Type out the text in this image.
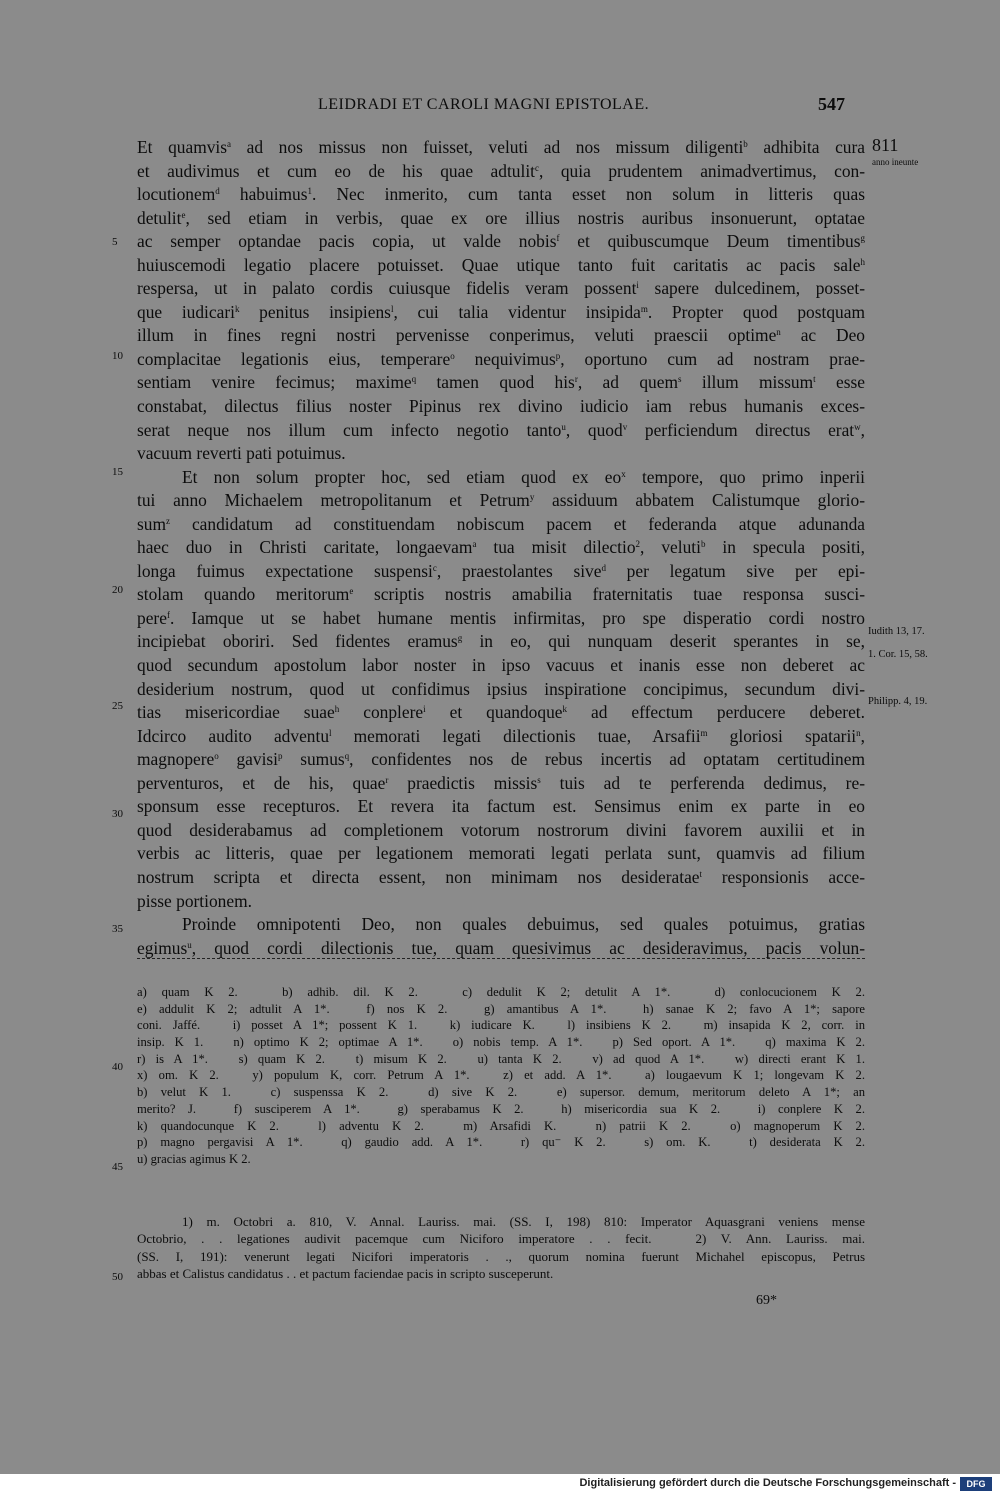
LEIDRADI ET CAROLI MAGNI EPISTOLAE.	547
811
anno ineunte
Iudith 13, 17.
1. Cor. 15, 58.
Philipp. 4, 19.
5
10
15
20
25
30
35
Et quamvis$^a$ ad nos missus non fuisset, veluti ad nos missum diligenti$^b$ adhibita cura
et audivimus et cum eo de his quae adtulit$^c$, quia prudentem animadvertimus, con-
locutionem$^d$ habuimus$^1$. Nec inmerito, cum tanta esset non solum in litteris quas
detulit$^e$, sed etiam in verbis, quae ex ore illius nostris auribus insonuerunt, optatae
ac semper optandae pacis copia, ut valde nobis$^f$ et quibuscumque Deum timentibus$^g$
huiuscemodi legatio placere potuisset. Quae utique tanto fuit caritatis ac pacis sale$^h$
respersa, ut in palato cordis cuiusque fidelis veram possent$^i$ sapere dulcedinem, posset-
que iudicari$^k$ penitus insipiens$^l$, cui talia videntur insipida$^m$. Propter quod postquam
illum in fines regni nostri pervenisse conperimus, veluti praescii optime$^n$ ac Deo
complacitae legationis eius, temperare$^o$ nequivimus$^p$, oportuno cum ad nostram prae-
sentiam venire fecimus; maxime$^q$ tamen quod his$^r$, ad quem$^s$ illum missum$^t$ esse
constabat, dilectus filius noster Pipinus rex divino iudicio iam rebus humanis exces-
serat neque nos illum cum infecto negotio tanto$^u$, quod$^v$ perficiendum directus erat$^w$,
vacuum reverti pati potuimus.
Et non solum propter hoc, sed etiam quod ex $eo^x$ tempore, quo primo inperii
tui anno Michaelem metropolitanum et Petrum$^y$ assiduum abbatem Calistumque glorio-
sum$^z$ candidatum ad constituendam nobiscum pacem et federanda atque adunanda
haec duo in Christi caritate, longaevam$^a$ tua misit dilectio$^2$, veluti$^b$ in specula positi,
longa fuimus expectatione suspensi$^c$, praestolantes sive$^d$ per legatum sive per epi-
stolam quando meritorum$^e$ scriptis nostris amabilia fraternitatis tuae responsa susci-
pere$^f$. Iamque ut se habet humane mentis infirmitas, pro spe disperatio cordi nostro
incipiebat oboriri. Sed fidentes eramus$^g$ in eo, qui nunquam deserit sperantes in se,
quod secundum apostolum labor noster in ipso vacuus et inanis esse non deberet ac
desiderium nostrum, quod ut confidimus ipsius inspiratione concipimus, secundum divi-
tias misericordiae suae$^h$ conplere$^i$ et quandoque$^k$ ad effectum perducere deberet.
Idcirco audito adventu$^l$ memorati legati dilectionis tuae, Arsafii$^m$ gloriosi spatarii$^n$,
magnopere$^o$ gavisi$^p$ sumus$^q$, confidentes nos de rebus incertis ad optatam certitudinem
perventuros, et de his, quae$^r$ praedictis missis$^s$ tuis ad te perferenda dedimus, re-
sponsum esse recepturos. Et revera ita factum est. Sensimus enim ex parte in eo
quod desiderabamus ad completionem votorum nostrorum divini favorem auxilii et in
verbis ac litteris, quae per legationem memorati legati perlata sunt, quamvis ad filium
nostrum scripta et directa essent, non minimam nos desideratae$^t$ responsionis acce-
pisse portionem.
Proinde omnipotenti Deo, non quales debuimus, sed quales potuimus, gratias
egimus$^u$, quod cordi dilectionis tue, quam quesivimus ac desideravimus, pacis volun-
40
45
a) quam K 2.   b) adhib. dil. K 2.   c) dedulit K 2; detulit A 1*.   d) conlocucionem K 2.
e) addulit K 2; adtulit A 1*.   f) nos K 2.   g) amantibus A 1*.   h) sanae K 2; favo A 1*; sapore
coni. Jaffé.   i) posset A 1*; possent K 1.   k) iudicare K.   l) insibiens K 2.   m) insapida K 2, corr. in
insip. K 1.   n) optimo K 2; optimae A 1*.   o) nobis temp. A 1*.   p) Sed oport. A 1*.   q) maxima K 2.
r) is A 1*.   s) quam K 2.   t) misum K 2.   u) tanta K 2.   v) ad quod A 1*.   w) directi erant K 1.
x) om. K 2.   y) populum K, corr. Petrum A 1*.   z) et add. A 1*.   a) lougaevum K 1; longevam K 2.
b) velut K 1.   c) suspenssa K 2.   d) sive K 2.   e) supersor. demum, meritorum deleto A 1*; an
merito? J.   f) susciperem A 1*.   g) sperabamus K 2.   h) misericordia sua K 2.   i) conplere K 2.
k) quandocunque K 2.   l) adventu K 2.   m) Arsafidi K.   n) patrii K 2.   o) magnoperum K 2.
p) magno pergavisi A 1*.   q) gaudio add. A 1*.   r) qu⁻ K 2.   s) om. K.   t) desiderata K 2.
u) gracias agimus K 2.
50
1) m. Octobri a. 810, V. Annal. Lauriss. mai. (SS. I, 198) 810: Imperator Aquasgrani veniens mense
Octobrio, . . legationes audivit pacemque cum Niciforo imperatore . . fecit.   2) V. Ann. Lauriss. mai.
(SS. I, 191): venerunt legati Nicifori imperatoris . ., quorum nomina fuerunt Michahel episcopus, Petrus
abbas et Calistus candidatus . . et pactum faciendae pacis in scripto susceperunt.
69*
Digitalisierung gefördert durch die Deutsche Forschungsgemeinschaft -	DFG
